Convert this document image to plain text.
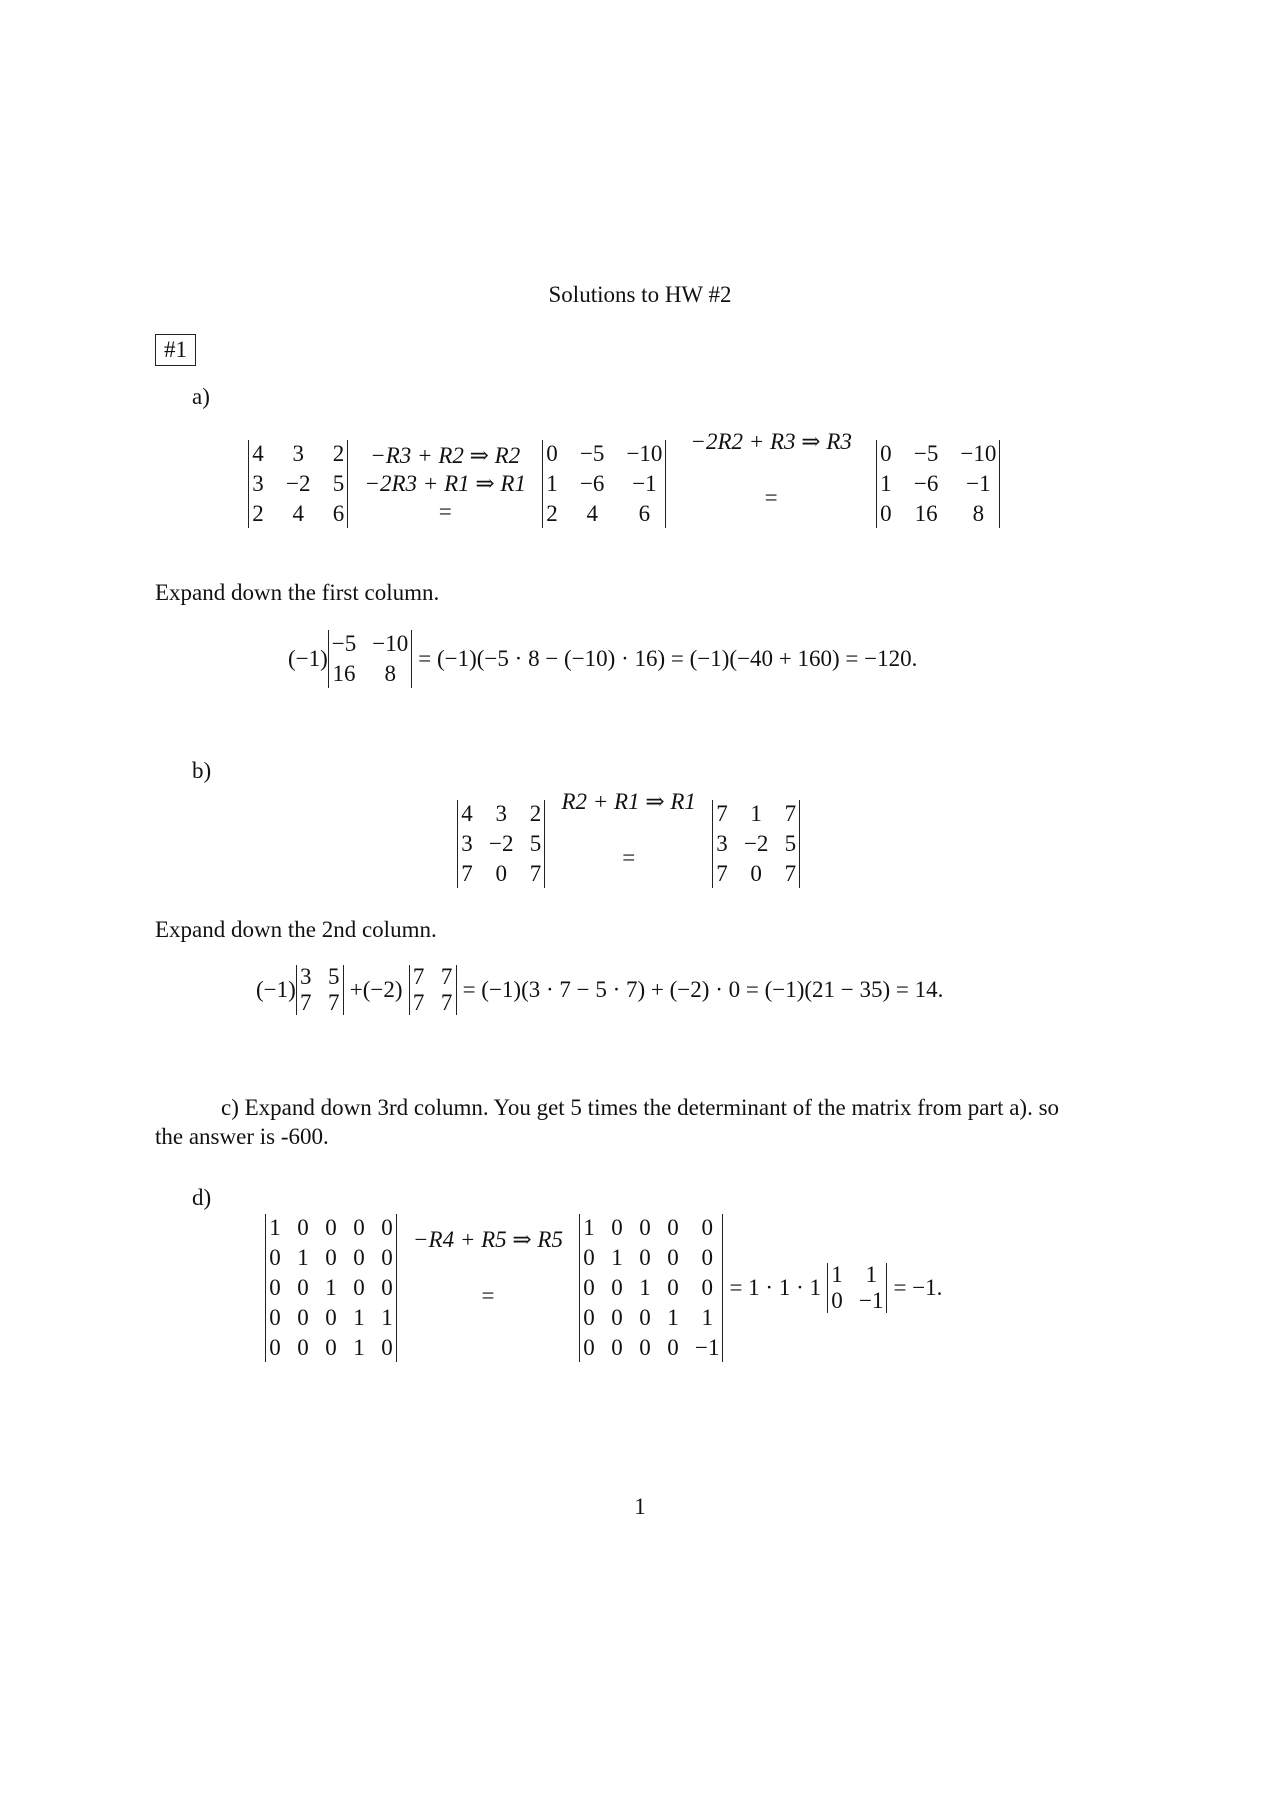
Solutions to HW #2
#1
a)
4 3 2
3 −2 5
2 4 6
−R3 + R2 ⇒ R2
−2R3 + R1 ⇒ R1
=
0 −5 −10
1 −6 −1
2 4	6
−2R2 + R3 ⇒ R3
=
0 −5 −10
1 −6 −1
0 16	8
Expand down the first column.
(−1)
−5 −10
16	8
= (−1)(−5 · 8 − (−10) · 16) = (−1)(−40 + 160) = −120.
b)
4 3 2
3 −2 5
7 0 7
R2 + R1 ⇒ R1
=
7 1 7
3 −2 5
7 0 7
Expand down the 2nd column.
(−1)
3 5
7 7
+(−2)
7 7
7 7
= (−1)(3 · 7 − 5 · 7) + (−2) · 0 = (−1)(21 − 35) = 14.
c) Expand down 3rd column. You get 5 times the determinant of the matrix from part a). so
the answer is -600.
d)
1 0 0 0 0
0 1 0 0 0
0 0 1 0 0
0 0 0 1 1
0 0 0 1 0
−R4 + R5 ⇒ R5
=
1 0 0 0 0
0 1 0 0 0
0 0 1 0 0
0 0 0 1 1
0 0 0 0 −1
= 1 · 1 · 1
1 1
0 −1
= −1.
1
